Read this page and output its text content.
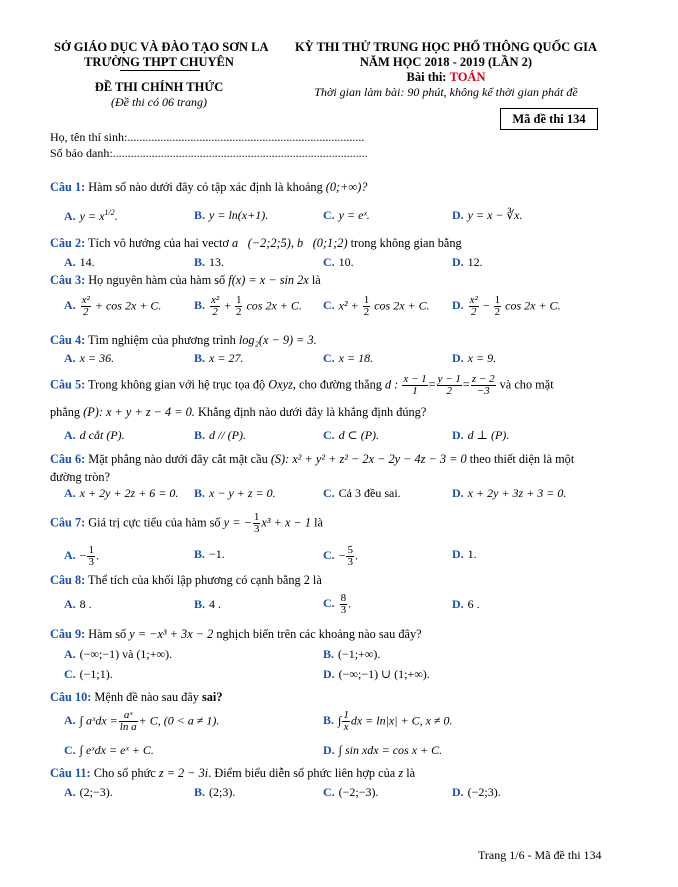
SỞ GIÁO DỤC VÀ ĐÀO TẠO SƠN LA
TRƯỜNG THPT CHUYÊN
ĐỀ THI CHÍNH THỨC
(Đề thi có 06 trang)
KỲ THI THỬ TRUNG HỌC PHỔ THÔNG QUỐC GIA
NĂM HỌC 2018 - 2019 (LẦN 2)
Bài thi: TOÁN
Thời gian làm bài: 90 phút, không kể thời gian phát đề
Mã đề thi 134
Họ, tên thí sinh:...............................................................................
Số báo danh:.....................................................................................
Câu 1: Hàm số nào dưới đây có tập xác định là khoảng (0;+∞)?
A. $y = x^{1/2}$.	B. y = ln(x+1).	C. y = eˣ.	D. y = x − ∛x.
Câu 2: Tích vô hướng của hai vectơ a⃗(−2;2;5), b⃗(0;1;2) trong không gian bằng
A. 14.	B. 13.	C. 10.	D. 12.
Câu 3: Họ nguyên hàm của hàm số f(x) = x − sin 2x là
A. $\frac{\text{x²}}{2} + \cos 2x + C$.	B. $\frac{\text{x²}}{2} + \frac{1}{2}$ cos 2x + C. C. $x^2 + \frac{1}{2}$ cos 2x + C. D. $\frac{\text{x²}}{2} - \frac{1}{2}$ cos 2x + C.
Câu 4: Tìm nghiệm của phương trình log₂(x − 9) = 3.
A. x = 36.	B. x = 27.	C. x = 18.	D. x = 9.
Câu 5: Trong không gian với hệ trục tọa độ Oxyz, cho đường thẳng d : $\frac{x - 1}{1} = \frac{y - 1}{2} = \frac{z - 2}{-3}$ và cho mặt
phẳng (P): x + y + z − 4 = 0. Khẳng định nào dưới đây là khẳng định đúng?
A. d cắt (P).	B. d // (P).	C. d ⊂ (P).	D. d ⊥ (P).
Câu 6: Mặt phẳng nào dưới đây cắt mặt cầu (S): x² + y² + z² − 2x − 2y − 4z − 3 = 0 theo thiết diện là một
đường tròn?
A. x + 2y + 2z + 6 = 0. B. x − y + z = 0.	C. Cả 3 đều sai.	D. x + 2y + 3z + 3 = 0.
Câu 7: Giá trị cực tiểu của hàm số y = − $\frac{1}{3} x^3 + x - 1$ là
A. − $\frac{1}{3}$ .	B. −1.	C. − $\frac{5}{3}$ .	D. 1.
Câu 8: Thể tích của khối lập phương có cạnh bằng 2 là
A. 8 .	B. 4 .	C. $\frac{8}{3}$ .	D. 6 .
Câu 9: Hàm số y = −x³ + 3x − 2 nghịch biến trên các khoảng nào sau đây?
A. (−∞;−1) và (1;+∞).	B. (−1;+∞).
C. (−1;1).	D. (−∞;−1) ∪ (1;+∞).
Câu 10: Mệnh đề nào sau đây sai?
A. ∫ aˣdx = $\frac{\text{aˣ}}{\text{ln a}} + C$, (0 < a ≠ 1).	B. ∫ $\frac{1}{x}$ dx = ln|x| + C, x ≠ 0.
C. ∫ eˣdx = eˣ + C.	D. ∫ sin xdx = cos x + C.
Câu 11: Cho số phức z = 2 − 3i. Điểm biểu diễn số phức liên hợp của z là
A. (2;−3).	B. (2;3).	C. (−2;−3).	D. (−2;3).
Trang 1/6 - Mã đề thi 134
